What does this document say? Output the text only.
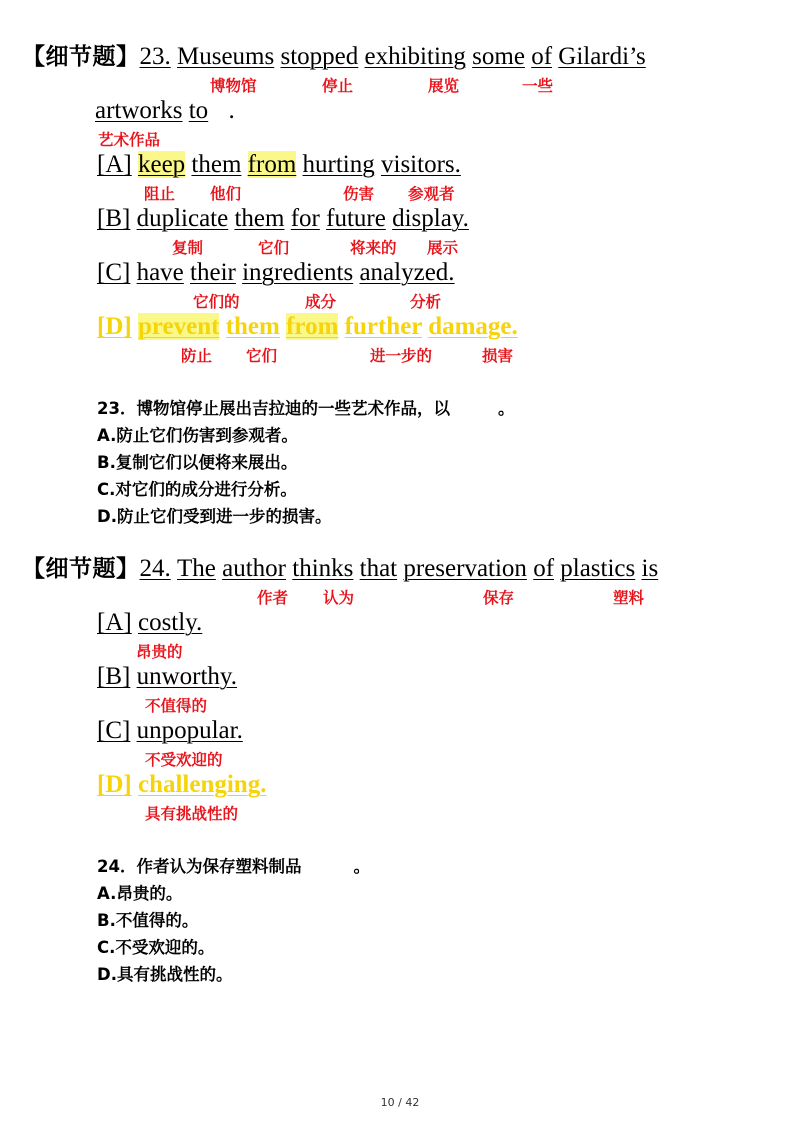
【细节题】23. Museums stopped exhibiting some of Gilardi’s
博物馆	停止	展览	一些
artworks to .
艺术作品
[A] keep them from hurting visitors.
阻止 他们	伤害 参观者
[B] duplicate them for future display.
复制	它们	将来的 展示
[C] have their ingredients analyzed.
它们的	成分	分析
[D] prevent them from further damage.
防止 它们	进一步的	损害
23．博物馆停止展出吉拉迪的一些艺术作品，以	。
A.防止它们伤害到参观者。
B.复制它们以便将来展出。
C.对它们的成分进行分析。
D.防止它们受到进一步的损害。
【细节题】24. The author thinks that preservation of plastics is
作者 认为	保存	塑料
[A] costly.
昂贵的
[B] unworthy.
不值得的
[C] unpopular.
不受欢迎的
[D] challenging.
具有挑战性的
24．作者认为保存塑料制品	。
A.昂贵的。
B.不值得的。
C.不受欢迎的。
D.具有挑战性的。
10 / 42
